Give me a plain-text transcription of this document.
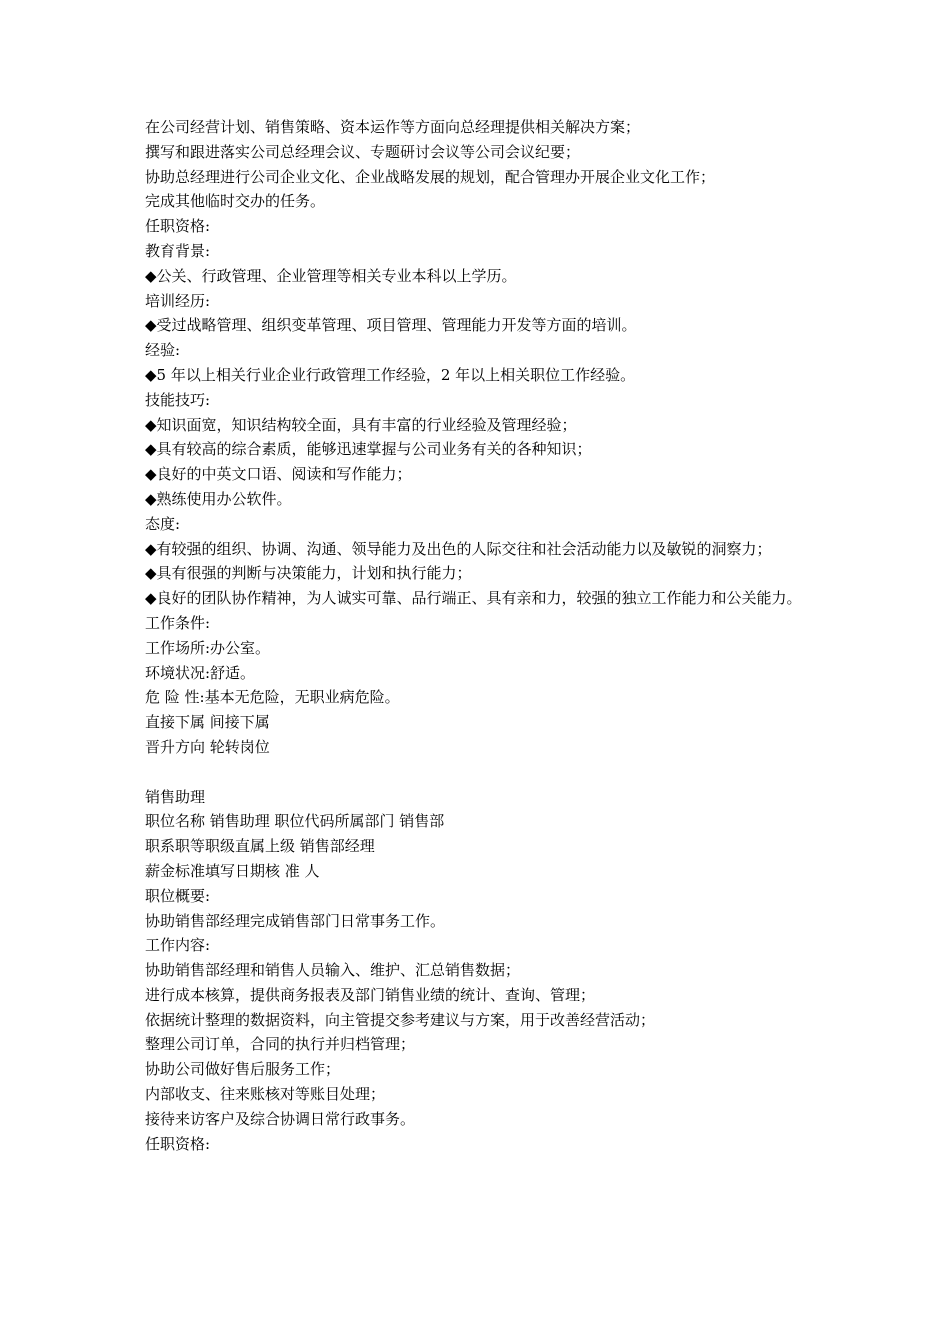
在公司经营计划、销售策略、资本运作等方面向总经理提供相关解决方案；
撰写和跟进落实公司总经理会议、专题研讨会议等公司会议纪要；
协助总经理进行公司企业文化、企业战略发展的规划，配合管理办开展企业文化工作；
完成其他临时交办的任务。
任职资格:
教育背景:
◆公关、行政管理、企业管理等相关专业本科以上学历。
培训经历:
◆受过战略管理、组织变革管理、项目管理、管理能力开发等方面的培训。
经验:
◆5 年以上相关行业企业行政管理工作经验，2 年以上相关职位工作经验。
技能技巧:
◆知识面宽，知识结构较全面，具有丰富的行业经验及管理经验；
◆具有较高的综合素质，能够迅速掌握与公司业务有关的各种知识；
◆良好的中英文口语、阅读和写作能力；
◆熟练使用办公软件。
态度:
◆有较强的组织、协调、沟通、领导能力及出色的人际交往和社会活动能力以及敏锐的洞察力；
◆具有很强的判断与决策能力，计划和执行能力；
◆良好的团队协作精神，为人诚实可靠、品行端正、具有亲和力，较强的独立工作能力和公关能力。
工作条件:
工作场所:办公室。
环境状况:舒适。
危 险 性:基本无危险，无职业病危险。
直接下属 间接下属
晋升方向 轮转岗位
销售助理
职位名称 销售助理 职位代码所属部门 销售部
职系职等职级直属上级 销售部经理
薪金标准填写日期核 准 人
职位概要:
协助销售部经理完成销售部门日常事务工作。
工作内容:
协助销售部经理和销售人员输入、维护、汇总销售数据；
进行成本核算，提供商务报表及部门销售业绩的统计、查询、管理；
依据统计整理的数据资料，向主管提交参考建议与方案，用于改善经营活动；
整理公司订单，合同的执行并归档管理；
协助公司做好售后服务工作；
内部收支、往来账核对等账目处理；
接待来访客户及综合协调日常行政事务。
任职资格:
